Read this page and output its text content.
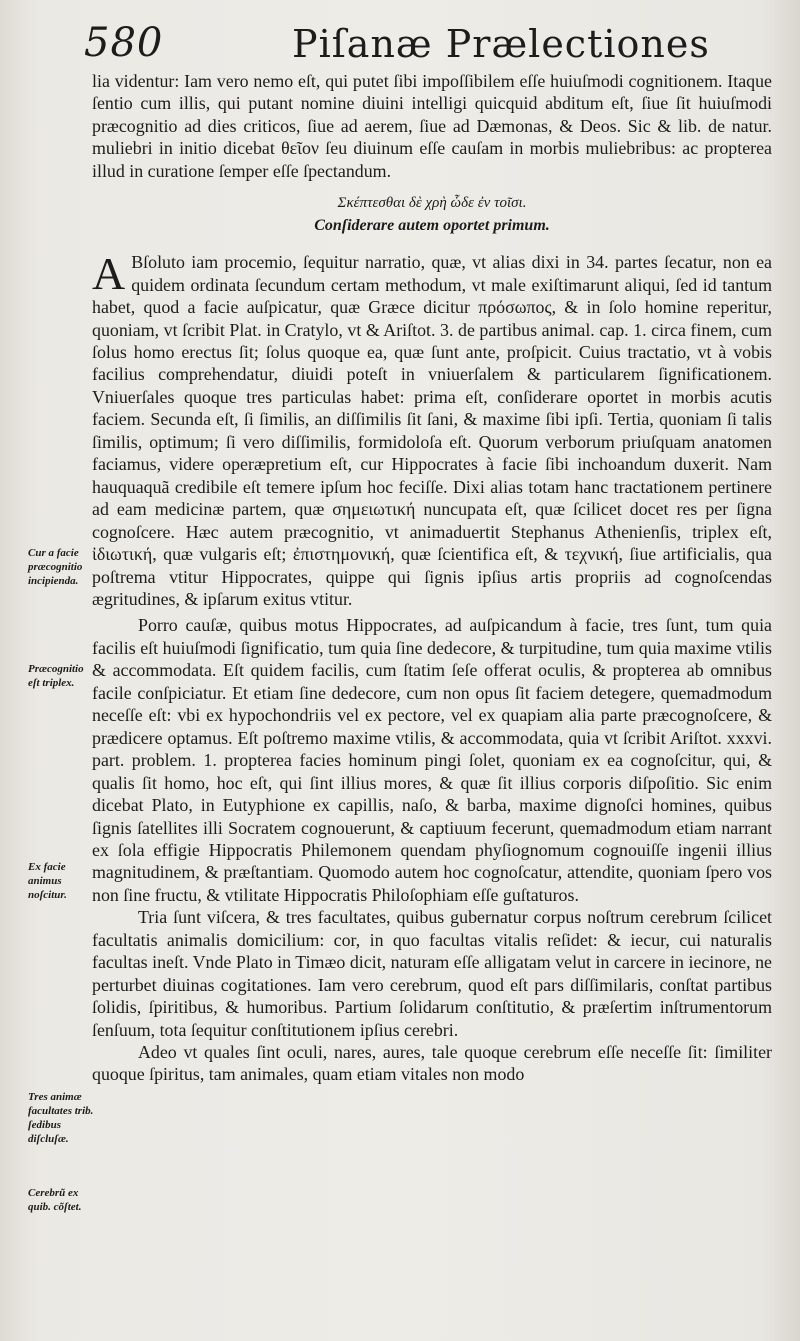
580	Piſanæ Prælectiones

lia videntur: Iam vero nemo eſt, qui putet ſibi impoſſibilem eſſe huiuſmodi cognitionem. Itaque ſentio cum illis, qui putant nomine diuini intelligi quicquid abditum eſt, ſiue ſit huiuſmodi præcognitio ad dies criticos, ſiue ad aerem, ſiue ad Dæmonas, & Deos. Sic & lib. de natur. muliebri in initio dicebat θεῖον ſeu diuinum eſſe cauſam in morbis muliebribus: ac propterea illud in curatione ſemper eſſe ſpectandum.

Σκέπτεσθαι δὲ χρὴ ὧδε ἐν τοῖσι.

Conſiderare autem oportet primum.

A Bſoluto iam procemio, ſequitur narratio, quæ, vt alias dixi in 34. partes ſecatur, non ea quidem ordinata ſecundum certam methodum, vt male exiſtimarunt aliqui, ſed id tantum habet, quod a facie auſpicatur, quæ Græce dicitur πρόσωπος, & in ſolo homine reperitur, quoniam, vt ſcribit Plat. in Cratylo, vt & Ariſtot. 3. de partibus animal. cap. 1. circa finem, cum ſolus homo erectus ſit; ſolus quoque ea, quæ ſunt ante, proſpicit. Cuius tractatio, vt à vobis facilius comprehendatur, diuidi poteſt in vniuerſalem & particularem ſignificationem. Vniuerſales quoque tres particulas habet: prima eſt, conſiderare oportet in morbis acutis faciem. Secunda eſt, ſi ſimilis, an diſſimilis ſit ſani, & maxime ſibi ipſi. Tertia, quoniam ſi talis ſimilis, optimum; ſi vero diſſimilis, formidoloſa eſt. Quorum verborum priuſquam anatomen faciamus, videre operæpretium eſt, cur Hippocrates à facie ſibi inchoandum duxerit. Nam hauquaquã credibile eſt temere ipſum hoc feciſſe. Dixi alias totam hanc tractationem pertinere ad eam medicinæ partem, quæ σημειωτική nuncupata eſt, quæ ſcilicet docet res per ſigna cognoſcere. Hæc autem præcognitio, vt animaduertit Stephanus Athenienſis, triplex eſt, ἰδιωτική, quæ vulgaris eſt; ἐπιστημονική, quæ ſcientifica eſt, & τεχνική, ſiue artificialis, qua poſtrema vtitur Hippocrates, quippe qui ſignis ipſius artis propriis ad cognoſcendas ægritudines, & ipſarum exitus vtitur.

Porro cauſæ, quibus motus Hippocrates, ad auſpicandum à facie, tres ſunt, tum quia facilis eſt huiuſmodi ſignificatio, tum quia ſine dedecore, & turpitudine, tum quia maxime vtilis & accommodata. Eſt quidem facilis, cum ſtatim ſeſe offerat oculis, & propterea ab omnibus facile conſpiciatur. Et etiam ſine dedecore, cum non opus ſit faciem detegere, quemadmodum neceſſe eſt: vbi ex hypochondriis vel ex pectore, vel ex quapiam alia parte præcognoſcere, & prædicere optamus. Eſt poſtremo maxime vtilis, & accommodata, quia vt ſcribit Ariſtot. xxxvi. part. problem. 1. propterea facies hominum pingi ſolet, quoniam ex ea cognoſcitur, qui, & qualis ſit homo, hoc eſt, qui ſint illius mores, & quæ ſit illius corporis diſpoſitio. Sic enim dicebat Plato, in Eutyphione ex capillis, naſo, & barba, maxime dignoſci homines, quibus ſignis ſatellites illi Socratem cognouerunt, & captiuum fecerunt, quemadmodum etiam narrant ex ſola effigie Hippocratis Philemonem quendam phyſiognomum cognouiſſe ingenii illius magnitudinem, & præſtantiam. Quomodo autem hoc cognoſcatur, attendite, quoniam ſpero vos non ſine fructu, & vtilitate Hippocratis Philoſophiam eſſe guſtaturos.

Tria ſunt viſcera, & tres facultates, quibus gubernatur corpus noſtrum cerebrum ſcilicet facultatis animalis domicilium: cor, in quo facultas vitalis reſidet: & iecur, cui naturalis facultas ineſt. Vnde Plato in Timæo dicit, naturam eſſe alligatam velut in carcere in iecinore, ne perturbet diuinas cogitationes. Iam vero cerebrum, quod eſt pars diſſimilaris, conſtat partibus ſolidis, ſpiritibus, & humoribus. Partium ſolidarum conſtitutio, & præſertim inſtrumentorum ſenſuum, tota ſequitur conſtitutionem ipſius cerebri.

Adeo vt quales ſint oculi, nares, aures, tale quoque cerebrum eſſe neceſſe ſit: ſimiliter quoque ſpiritus, tam animales, quam etiam vitales non modo

Cur a facie præcognitio incipienda.
Præcognitio eſt triplex.
Ex facie animus noſcitur.
Tres animæ facultates trib. ſedibus diſcluſæ.
Cerebrũ ex quib. cõſtet.
